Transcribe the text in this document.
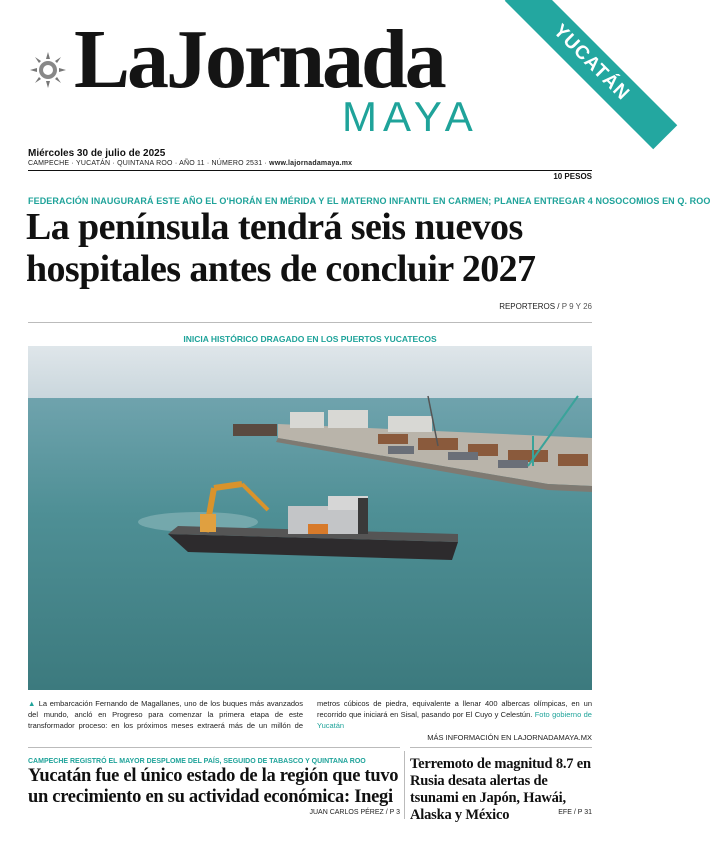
LaJornada
MAYA
YUCATÁN
Miércoles 30 de julio de 2025
CAMPECHE · YUCATÁN · QUINTANA ROO · AÑO 11 · NÚMERO 2531 · www.lajornadamaya.mx
10 PESOS
FEDERACIÓN INAUGURARÁ ESTE AÑO EL O'HORÁN EN MÉRIDA Y EL MATERNO INFANTIL EN CARMEN; PLANEA ENTREGAR 4 NOSOCOMIOS EN Q. ROO
La península tendrá seis nuevos hospitales antes de concluir 2027
REPORTEROS / P 9 Y 26
INICIA HISTÓRICO DRAGADO EN LOS PUERTOS YUCATECOS
▲ La embarcación Fernando de Magallanes, uno de los buques más avanzados del mundo, ancló en Progreso para comenzar la primera etapa de este transformador proceso: en los próximos meses extraerá más de un millón de metros cúbicos de piedra, equivalente a llenar 400 albercas olímpicas, en un recorrido que iniciará en Sisal, pasando por El Cuyo y Celestún. Foto gobierno de Yucatán
MÁS INFORMACIÓN EN LAJORNADAMAYA.MX
CAMPECHE REGISTRÓ EL MAYOR DESPLOME DEL PAÍS, SEGUIDO DE TABASCO Y QUINTANA ROO
Yucatán fue el único estado de la región que tuvo un crecimiento en su actividad económica: Inegi
JUAN CARLOS PÉREZ / P 3
Terremoto de magnitud 8.7 en Rusia desata alertas de tsunami en Japón, Hawái, Alaska y México	EFE / P 31
